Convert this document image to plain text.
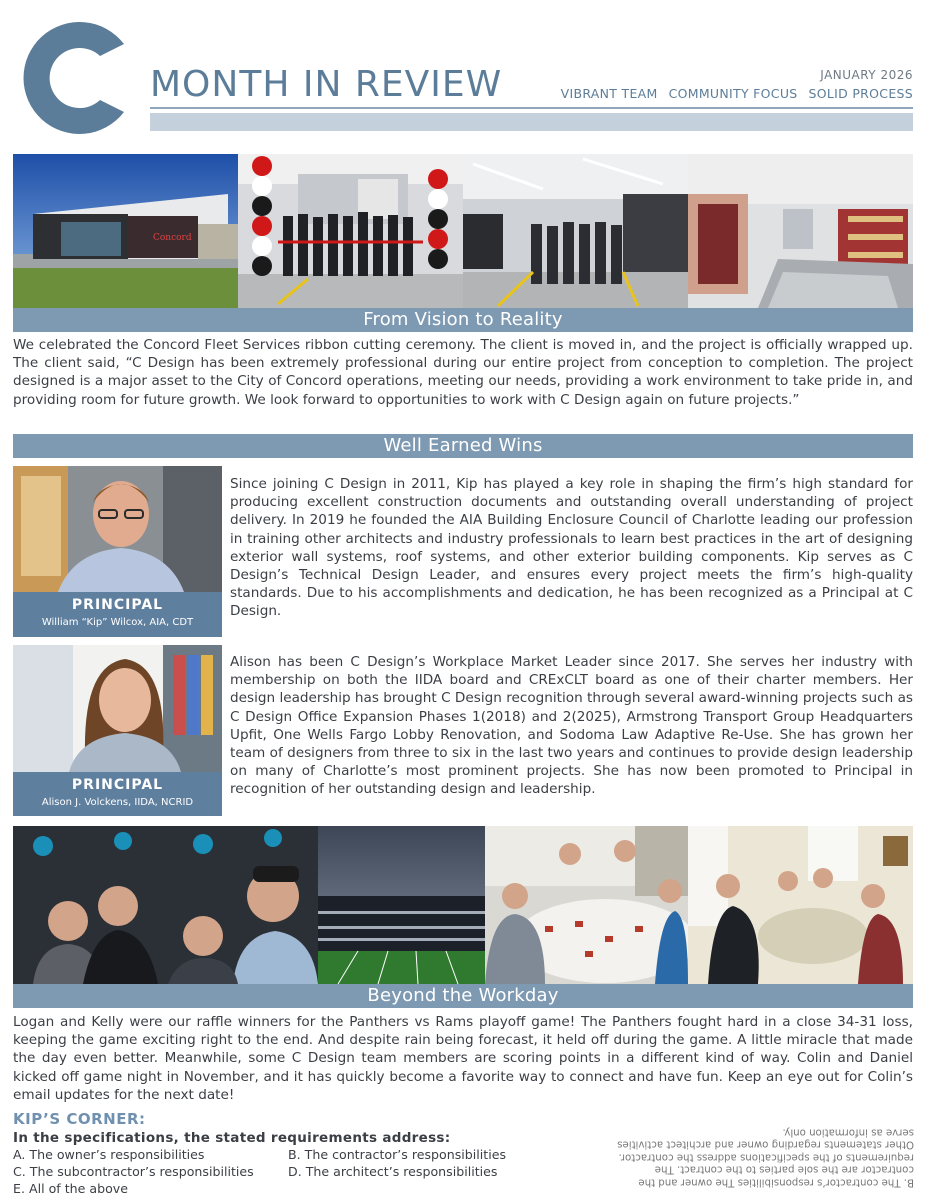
MONTH IN REVIEW	JANUARY 2026
VIBRANT TEAM COMMUNITY FOCUS SOLID PROCESS
Concord
From Vision to Reality
We celebrated the Concord Fleet Services ribbon cutting ceremony. The client is moved in, and the project is officially wrapped up. The client said, “C Design has been extremely professional during our entire project from conception to completion. The project designed is a major asset to the City of Concord operations, meeting our needs, providing a work environment to take pride in, and providing room for future growth. We look forward to opportunities to work with C Design again on future projects.”
Well Earned Wins
PRINCIPAL
William “Kip” Wilcox, AIA, CDT
Since joining C Design in 2011, Kip has played a key role in shaping the firm’s high standard for producing excellent construction documents and outstanding overall understanding of project delivery. In 2019 he founded the AIA Building Enclosure Council of Charlotte leading our profession in training other architects and industry professionals to learn best practices in the art of designing exterior wall systems, roof systems, and other exterior building components. Kip serves as C Design’s Technical Design Leader, and ensures every project meets the firm’s high-quality standards. Due to his accomplishments and dedication, he has been recognized as a Principal at C Design.
PRINCIPAL
Alison J. Volckens, IIDA, NCRID
Alison has been C Design’s Workplace Market Leader since 2017. She serves her industry with membership on both the IIDA board and CRExCLT board as one of their charter members. Her design leadership has brought C Design recognition through several award-winning projects such as C Design Office Expansion Phases 1(2018) and 2(2025), Armstrong Transport Group Headquarters Upfit, One Wells Fargo Lobby Renovation, and Sodoma Law Adaptive Re-Use. She has grown her team of designers from three to six in the last two years and continues to provide design leadership on many of Charlotte’s most prominent projects. She has now been promoted to Principal in recognition of her outstanding design and leadership.
Beyond the Workday
Logan and Kelly were our raffle winners for the Panthers vs Rams playoff game! The Panthers fought hard in a close 34-31 loss, keeping the game exciting right to the end. And despite rain being forecast, it held off during the game. A little miracle that made the day even better. Meanwhile, some C Design team members are scoring points in a different kind of way. Colin and Daniel kicked off game night in November, and it has quickly become a favorite way to connect and have fun. Keep an eye out for Colin’s email updates for the next date!
KIP’S CORNER:
In the specifications, the stated requirements address:
A. The owner’s responsibilities	B. The contractor’s responsibilities
C. The subcontractor’s responsibilities	D. The architect’s responsibilities
E. All of the above	B. The contractor’s responsibilities The owner and the contractor are the sole parties to the contract. The requirements of the specifications address the contractor. Other statements regarding owner and architect activities serve as information only.
